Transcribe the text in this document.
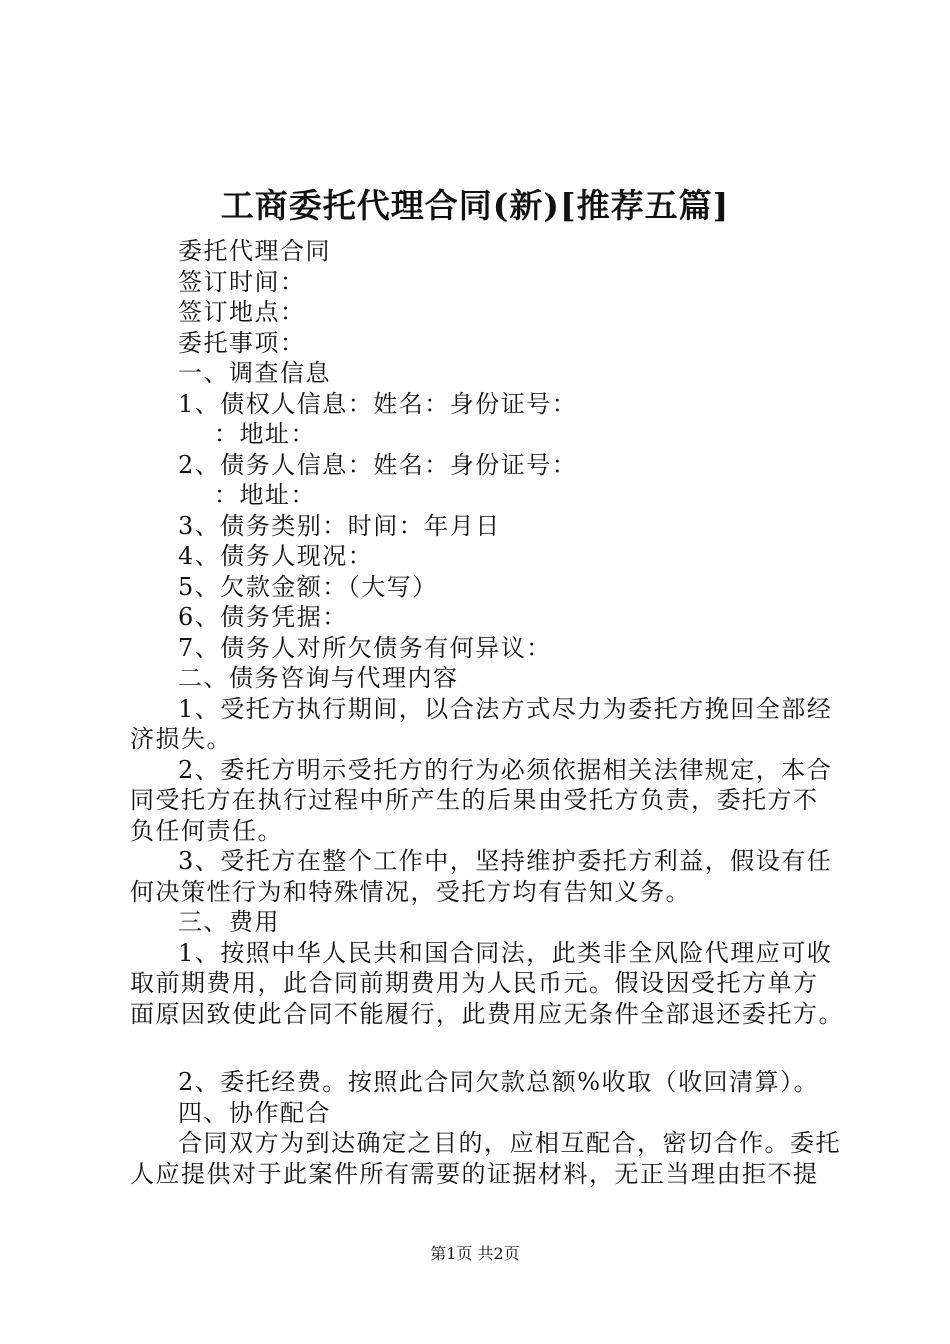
工商委托代理合同(新)[推荐五篇]
委托代理合同
签订时间：
签订地点：
委托事项：
一、调查信息
1、债权人信息：姓名：身份证号：
：地址：
2、债务人信息：姓名：身份证号：
：地址：
3、债务类别：时间：年月日
4、债务人现况：
5、欠款金额：（大写）
6、债务凭据：
7、债务人对所欠债务有何异议：
二、债务咨询与代理内容
1、受托方执行期间，以合法方式尽力为委托方挽回全部经
济损失。
2、委托方明示受托方的行为必须依据相关法律规定，本合
同受托方在执行过程中所产生的后果由受托方负责，委托方不
负任何责任。
3、受托方在整个工作中，坚持维护委托方利益，假设有任
何决策性行为和特殊情况，受托方均有告知义务。
三、费用
1、按照中华人民共和国合同法，此类非全风险代理应可收
取前期费用，此合同前期费用为人民币元。假设因受托方单方
面原因致使此合同不能履行，此费用应无条件全部退还委托方。
2、委托经费。按照此合同欠款总额%收取（收回清算）。
四、协作配合
合同双方为到达确定之目的，应相互配合，密切合作。委托
人应提供对于此案件所有需要的证据材料，无正当理由拒不提
第1页 共2页
